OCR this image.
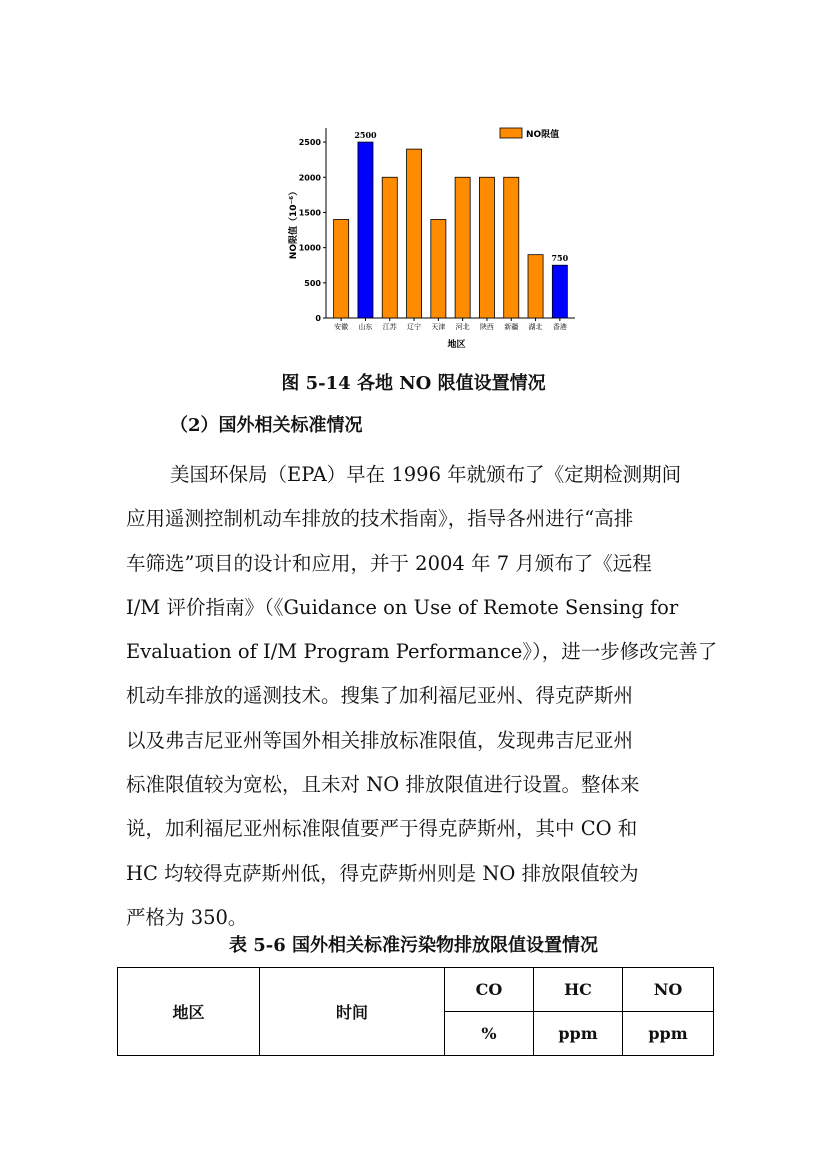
0
500
1000
1500
2000
2500
NO限值（10⁻⁶）
地区
安徽 山东 江苏 辽宁 天津 河北 陕西 新疆 湖北 香港
2500
750
NO限值
图 5-14 各地 NO 限值设置情况
（2）国外相关标准情况
美国环保局（EPA）早在 1996 年就颁布了《定期检测期间
应用遥测控制机动车排放的技术指南》，指导各州进行“高排
车筛选”项目的设计和应用，并于 2004 年 7 月颁布了《远程
I/M 评价指南》（《Guidance on Use of Remote Sensing for
Evaluation of I/M Program Performance》），进一步修改完善了
机动车排放的遥测技术。搜集了加利福尼亚州、得克萨斯州
以及弗吉尼亚州等国外相关排放标准限值，发现弗吉尼亚州
标准限值较为宽松，且未对 NO 排放限值进行设置。整体来
说，加利福尼亚州标准限值要严于得克萨斯州，其中 CO 和
HC 均较得克萨斯州低，得克萨斯州则是 NO 排放限值较为
严格为 350。
表 5-6 国外相关标准污染物排放限值设置情况
地区	时间	CO	HC	NO
		%	ppm	ppm
